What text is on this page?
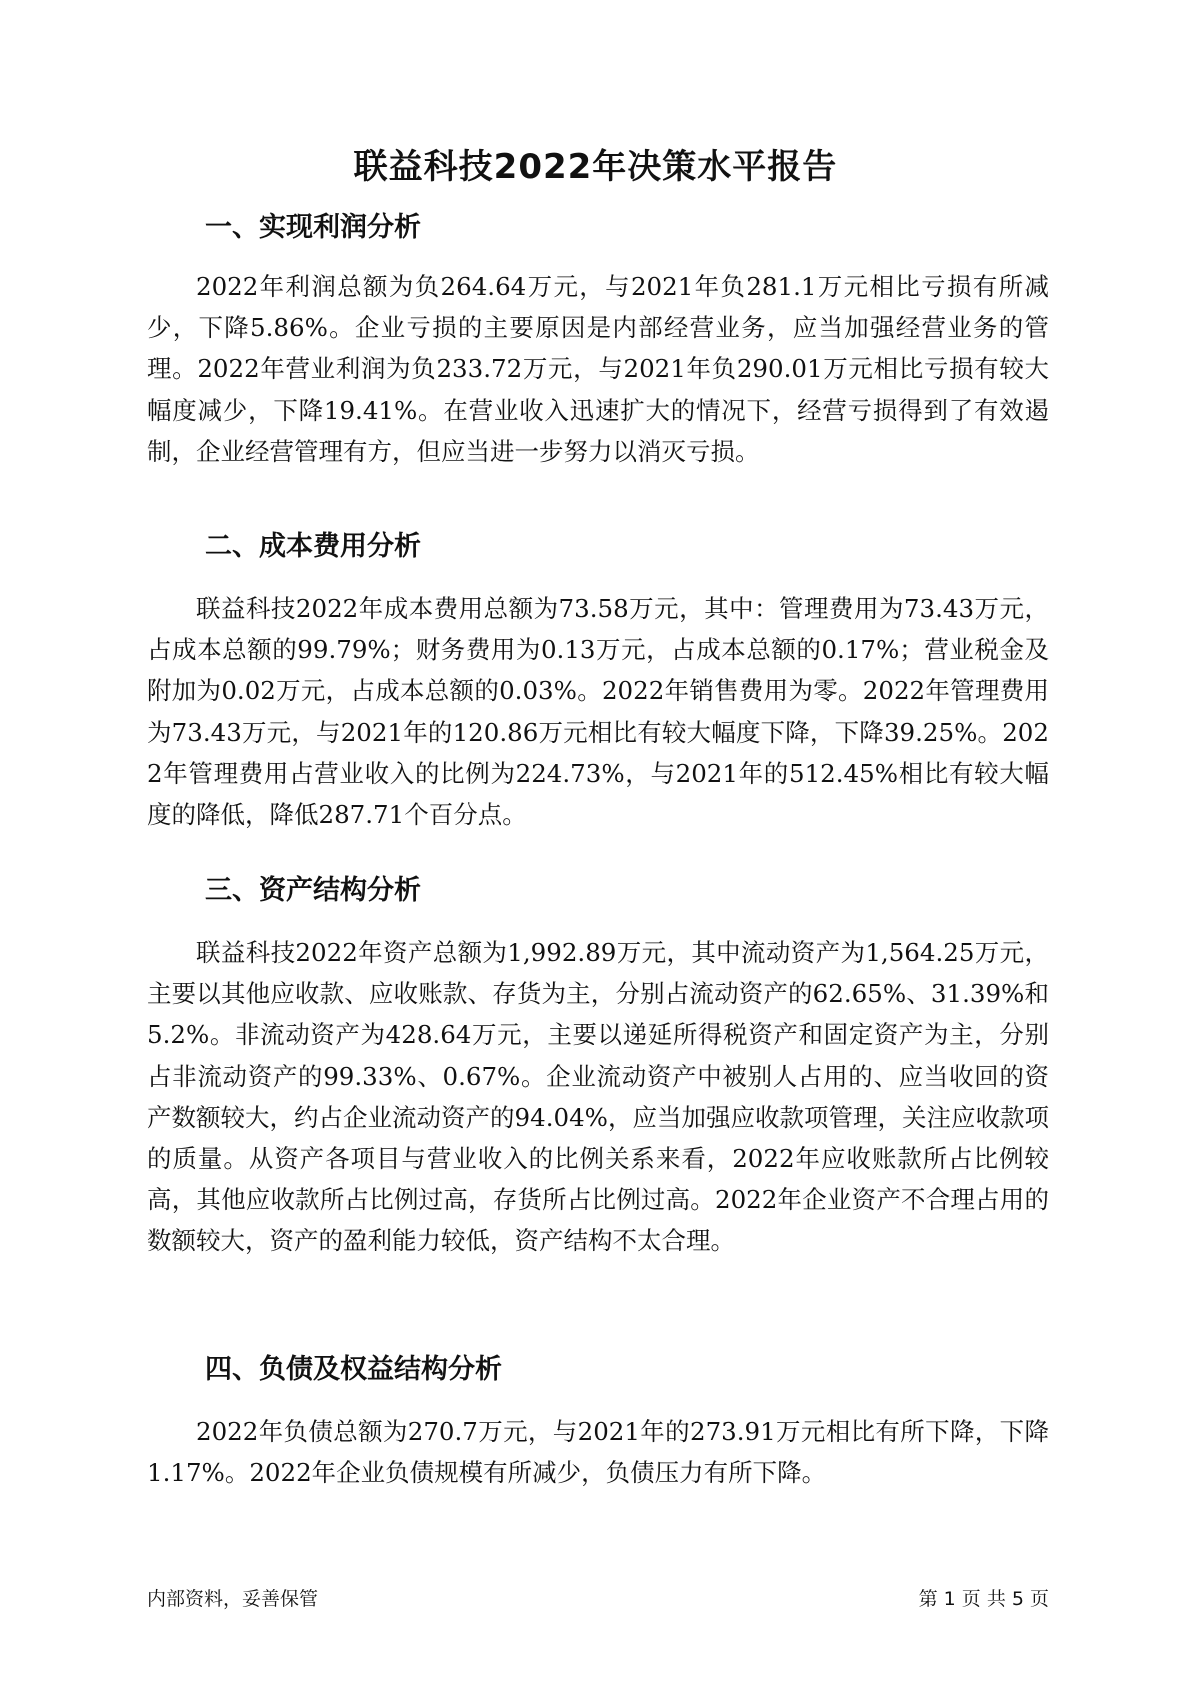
联益科技2022年决策水平报告
一、实现利润分析

2022年利润总额为负264.64万元，与2021年负281.1万元相比亏损有所减少，下降5.86%。企业亏损的主要原因是内部经营业务，应当加强经营业务的管理。2022年营业利润为负233.72万元，与2021年负290.01万元相比亏损有较大幅度减少，下降19.41%。在营业收入迅速扩大的情况下，经营亏损得到了有效遏制，企业经营管理有方，但应当进一步努力以消灭亏损。

二、成本费用分析

联益科技2022年成本费用总额为73.58万元，其中：管理费用为73.43万元，占成本总额的99.79%；财务费用为0.13万元，占成本总额的0.17%；营业税金及附加为0.02万元，占成本总额的0.03%。2022年销售费用为零。2022年管理费用为73.43万元，与2021年的120.86万元相比有较大幅度下降，下降39.25%。2022年管理费用占营业收入的比例为224.73%，与2021年的512.45%相比有较大幅度的降低，降低287.71个百分点。

三、资产结构分析

联益科技2022年资产总额为1,992.89万元，其中流动资产为1,564.25万元，主要以其他应收款、应收账款、存货为主，分别占流动资产的62.65%、31.39%和5.2%。非流动资产为428.64万元，主要以递延所得税资产和固定资产为主，分别占非流动资产的99.33%、0.67%。企业流动资产中被别人占用的、应当收回的资产数额较大，约占企业流动资产的94.04%，应当加强应收款项管理，关注应收款项的质量。从资产各项目与营业收入的比例关系来看，2022年应收账款所占比例较高，其他应收款所占比例过高，存货所占比例过高。2022年企业资产不合理占用的数额较大，资产的盈利能力较低，资产结构不太合理。

四、负债及权益结构分析

2022年负债总额为270.7万元，与2021年的273.91万元相比有所下降，下降1.17%。2022年企业负债规模有所减少，负债压力有所下降。

内部资料，妥善保管	第 1 页 共 5 页
